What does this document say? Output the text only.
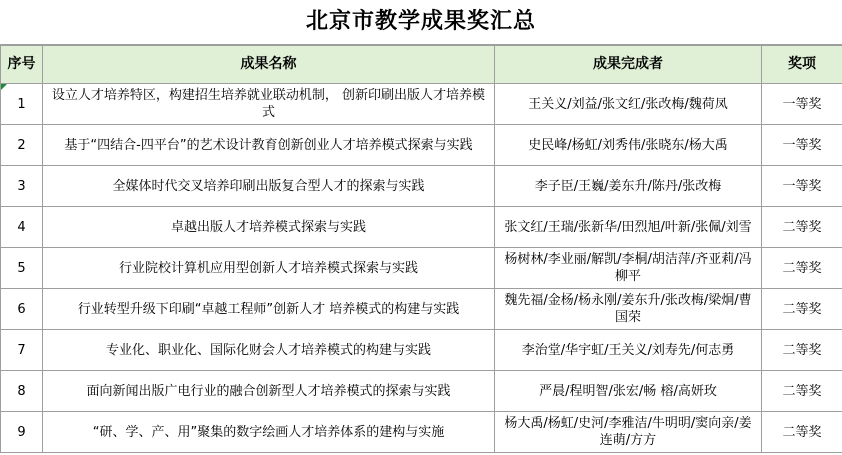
北京市教学成果奖汇总
序号	成果名称	成果完成者	奖项
1	设立人才培养特区，构建招生培养就业联动机制， 创新印刷出版人才培养模式	王关义/刘益/张文红/张改梅/魏荷凤	一等奖
2	基于“四结合-四平台”的艺术设计教育创新创业人才培养模式探索与实践	史民峰/杨虹/刘秀伟/张晓东/杨大禹	一等奖
3	全媒体时代交叉培养印刷出版复合型人才的探索与实践	李子臣/王巍/姜东升/陈丹/张改梅	一等奖
4	卓越出版人才培养模式探索与实践	张文红/王瑞/张新华/田烈旭/叶新/张佩/刘雪	二等奖
5	行业院校计算机应用型创新人才培养模式探索与实践	杨树林/李业丽/解凯/李桐/胡洁萍/齐亚莉/冯柳平	二等奖
6	行业转型升级下印刷“卓越工程师”创新人才 培养模式的构建与实践	魏先福/金杨/杨永刚/姜东升/张改梅/梁炯/曹国荣	二等奖
7	专业化、职业化、国际化财会人才培养模式的构建与实践	李治堂/华宇虹/王关义/刘寿先/何志勇	二等奖
8	面向新闻出版广电行业的融合创新型人才培养模式的探索与实践	严晨/程明智/张宏/畅 榕/高妍玫	二等奖
9	“研、学、产、用”聚集的数字绘画人才培养体系的建构与实施	杨大禹/杨虹/史河/李雅洁/牛明明/窦向亲/姜连萌/方方	二等奖
